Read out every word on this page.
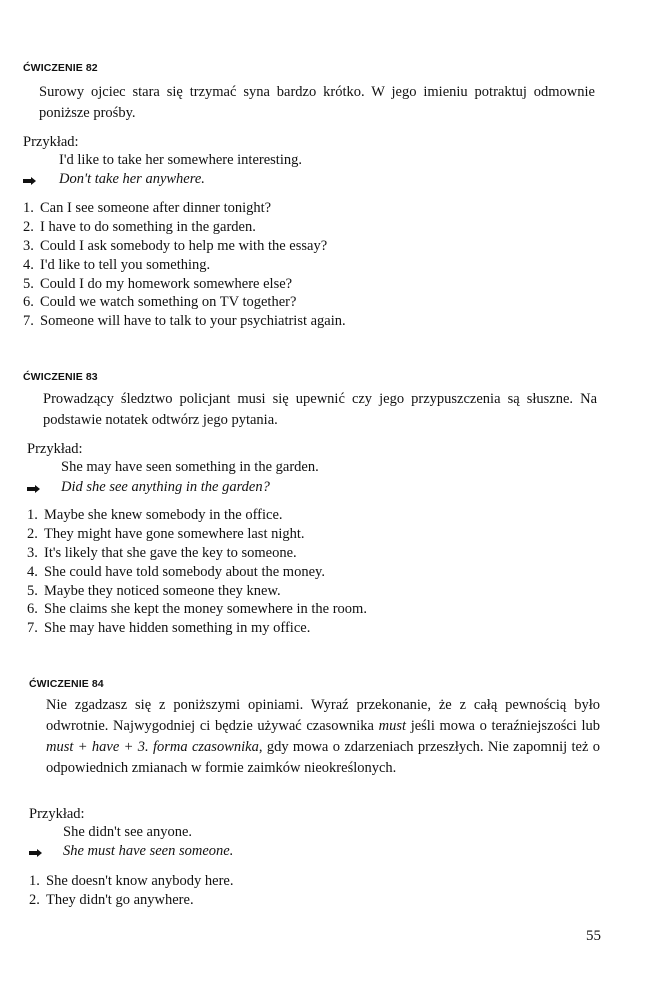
ĆWICZENIE 82
Surowy ojciec stara się trzymać syna bardzo krótko. W jego imieniu potraktuj odmownie poniższe prośby.
Przykład:
I'd like to take her somewhere interesting.
Don't take her anywhere.
1. Can I see someone after dinner tonight?
2. I have to do something in the garden.
3. Could I ask somebody to help me with the essay?
4. I'd like to tell you something.
5. Could I do my homework somewhere else?
6. Could we watch something on TV together?
7. Someone will have to talk to your psychiatrist again.
ĆWICZENIE 83
Prowadzący śledztwo policjant musi się upewnić czy jego przypuszczenia są słuszne. Na podstawie notatek odtwórz jego pytania.
Przykład:
She may have seen something in the garden.
Did she see anything in the garden?
1. Maybe she knew somebody in the office.
2. They might have gone somewhere last night.
3. It's likely that she gave the key to someone.
4. She could have told somebody about the money.
5. Maybe they noticed someone they knew.
6. She claims she kept the money somewhere in the room.
7. She may have hidden something in my office.
ĆWICZENIE 84
Nie zgadzasz się z poniższymi opiniami. Wyraź przekonanie, że z całą pewnością było odwrotnie. Najwygodniej ci będzie używać czasownika must jeśli mowa o teraźniejszości lub must + have + 3. forma czasownika, gdy mowa o zdarzeniach przeszłych. Nie zapomnij też o odpowiednich zmianach w formie zaimków nieokreślonych.
Przykład:
She didn't see anyone.
She must have seen someone.
1. She doesn't know anybody here.
2. They didn't go anywhere.
55
